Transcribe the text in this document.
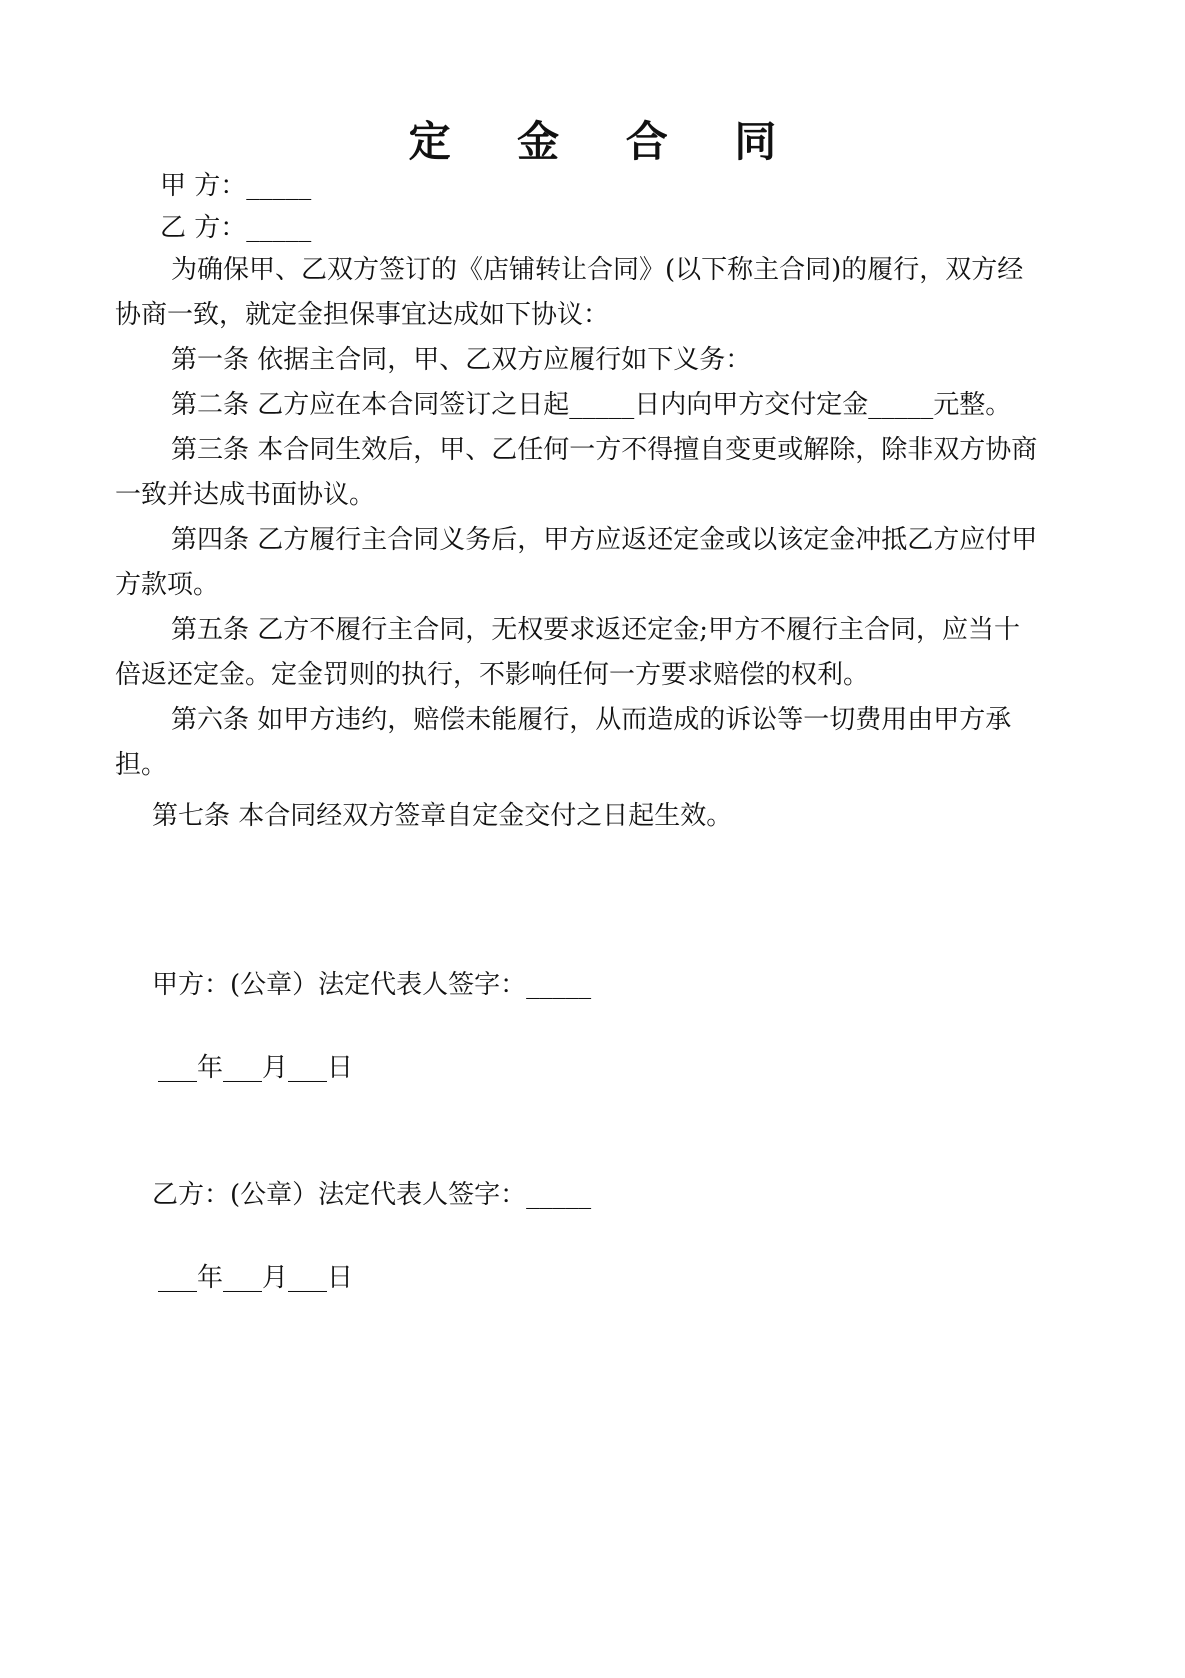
定 金 合 同
甲 方：_____
乙 方：_____

为确保甲、乙双方签订的《店铺转让合同》(以下称主合同)的履行，双方经协商一致，就定金担保事宜达成如下协议：

第一条 依据主合同，甲、乙双方应履行如下义务：

第二条 乙方应在本合同签订之日起_____日内向甲方交付定金_____元整。

第三条 本合同生效后，甲、乙任何一方不得擅自变更或解除，除非双方协商一致并达成书面协议。

第四条 乙方履行主合同义务后，甲方应返还定金或以该定金冲抵乙方应付甲方款项。

第五条 乙方不履行主合同，无权要求返还定金;甲方不履行主合同，应当十倍返还定金。定金罚则的执行，不影响任何一方要求赔偿的权利。

第六条 如甲方违约，赔偿未能履行，从而造成的诉讼等一切费用由甲方承担。

第七条 本合同经双方签章自定金交付之日起生效。
甲方：(公章）法定代表人签字：_____
___年___月___日
乙方：(公章）法定代表人签字：_____
___年___月___日
